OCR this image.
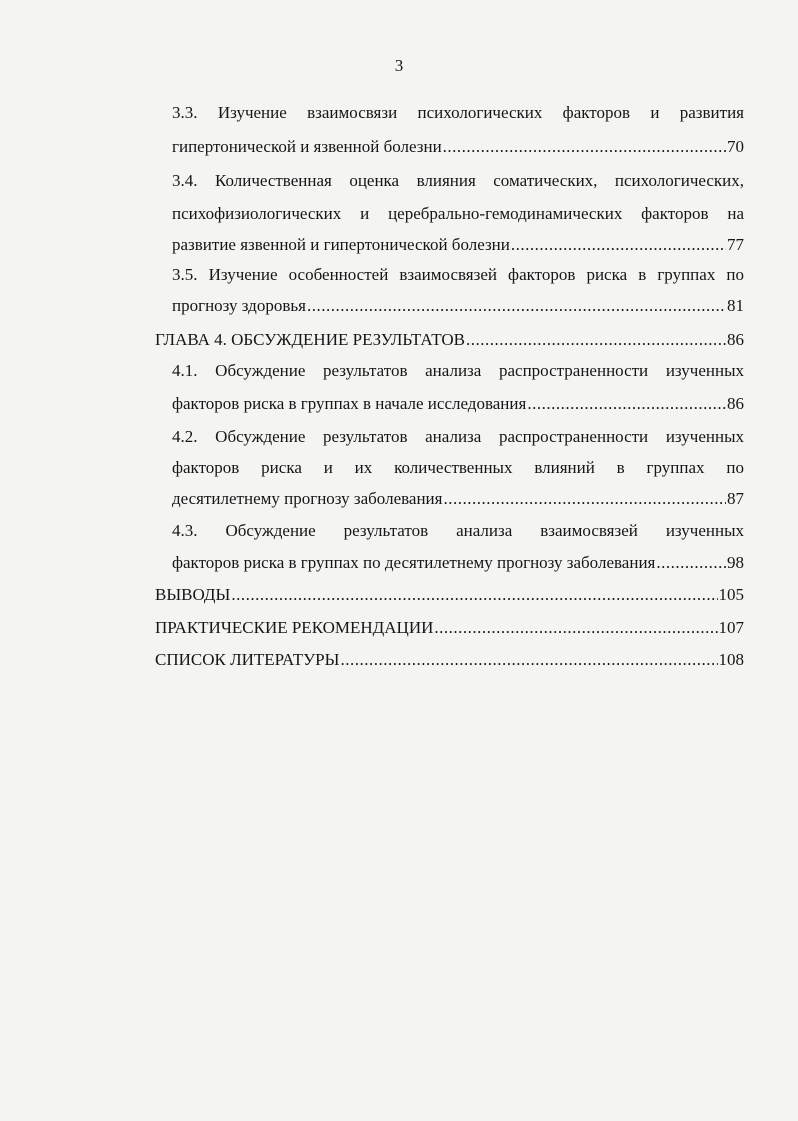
3
3.3. Изучение взаимосвязи психологических факторов и развития
гипертонической и язвенной болезни .....	70
3.4. Количественная оценка влияния соматических, психологических,
психофизиологических и церебрально-гемодинамических факторов на
развитие язвенной и гипертонической болезни .....	77
3.5. Изучение особенностей взаимосвязей факторов риска в группах по
прогнозу здоровья .....	81
ГЛАВА 4. ОБСУЖДЕНИЕ РЕЗУЛЬТАТОВ .....	86
4.1. Обсуждение результатов анализа распространенности изученных
факторов риска в группах в начале исследования .....	86
4.2. Обсуждение результатов анализа распространенности изученных
факторов риска и их количественных влияний в группах по
десятилетнему прогнозу заболевания .....	87
4.3. Обсуждение результатов анализа взаимосвязей изученных
факторов риска в группах по десятилетнему прогнозу заболевания .....	98
ВЫВОДЫ .....	105
ПРАКТИЧЕСКИЕ РЕКОМЕНДАЦИИ .....	107
СПИСОК ЛИТЕРАТУРЫ .....	108
